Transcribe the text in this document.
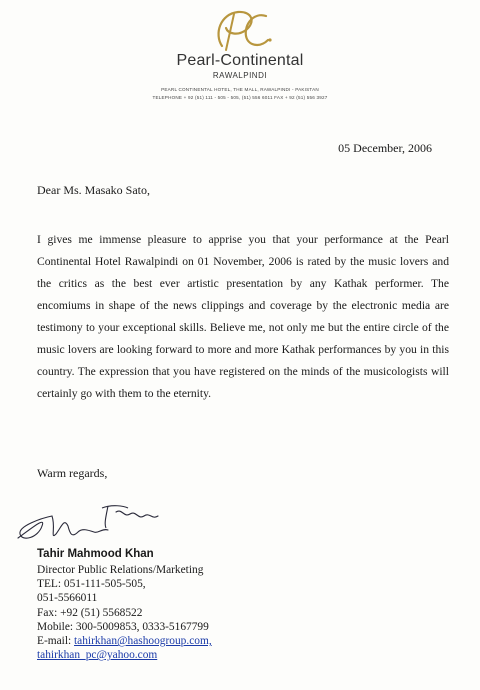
Pearl-Continental
RAWALPINDI
PEARL CONTINENTAL HOTEL, THE MALL, RAWALPINDI - PAKISTAN
TELEPHONE + 92 (51) 111 - 505 - 505, (51) 556 6011 FAX + 92 (51) 556 3927
05 December, 2006
Dear Ms. Masako Sato,
I gives me immense pleasure to apprise you that your performance at the Pearl Continental Hotel Rawalpindi on 01 November, 2006 is rated by the music lovers and the critics as the best ever artistic presentation by any Kathak performer. The encomiums in shape of the news clippings and coverage by the electronic media are testimony to your exceptional skills. Believe me, not only me but the entire circle of the music lovers are looking forward to more and more Kathak performances by you in this country. The expression that you have registered on the minds of the musicologists will certainly go with them to the eternity.
Warm regards,
Tahir Mahmood Khan
Director Public Relations/Marketing
TEL: 051-111-505-505,
051-5566011
Fax: +92 (51) 5568522
Mobile: 300-5009853, 0333-5167799
E-mail: tahirkhan@hashoogroup.com,
tahirkhan_pc@yahoo.com
